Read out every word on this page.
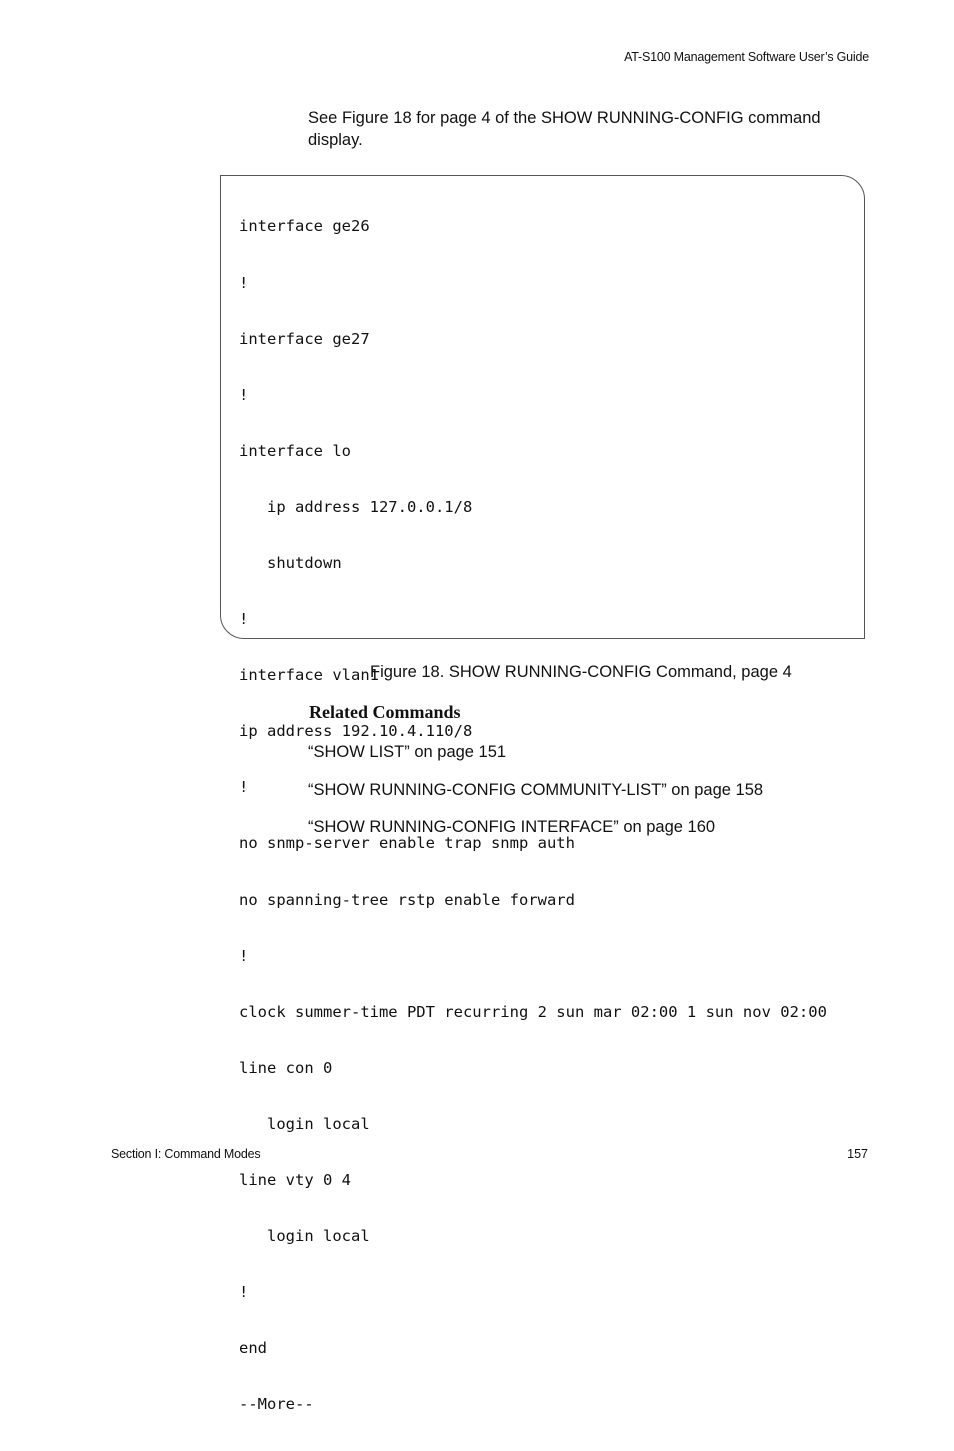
AT-S100 Management Software User’s Guide
See Figure 18 for page 4 of the SHOW RUNNING-CONFIG command display.

interface ge26

!

interface ge27

!

interface lo

ip address 127.0.0.1/8

shutdown

!

interface vlan1

ip address 192.10.4.110/8

!

no snmp-server enable trap snmp auth

no spanning-tree rstp enable forward

!

clock summer-time PDT recurring 2 sun mar 02:00 1 sun nov 02:00

line con 0

login local

line vty 0 4

login local

!

end

--More--

Figure 18. SHOW RUNNING-CONFIG Command, page 4
Related Commands
“SHOW LIST” on page 151
“SHOW RUNNING-CONFIG COMMUNITY-LIST” on page 158
“SHOW RUNNING-CONFIG INTERFACE” on page 160
Section I: Command Modes	157
